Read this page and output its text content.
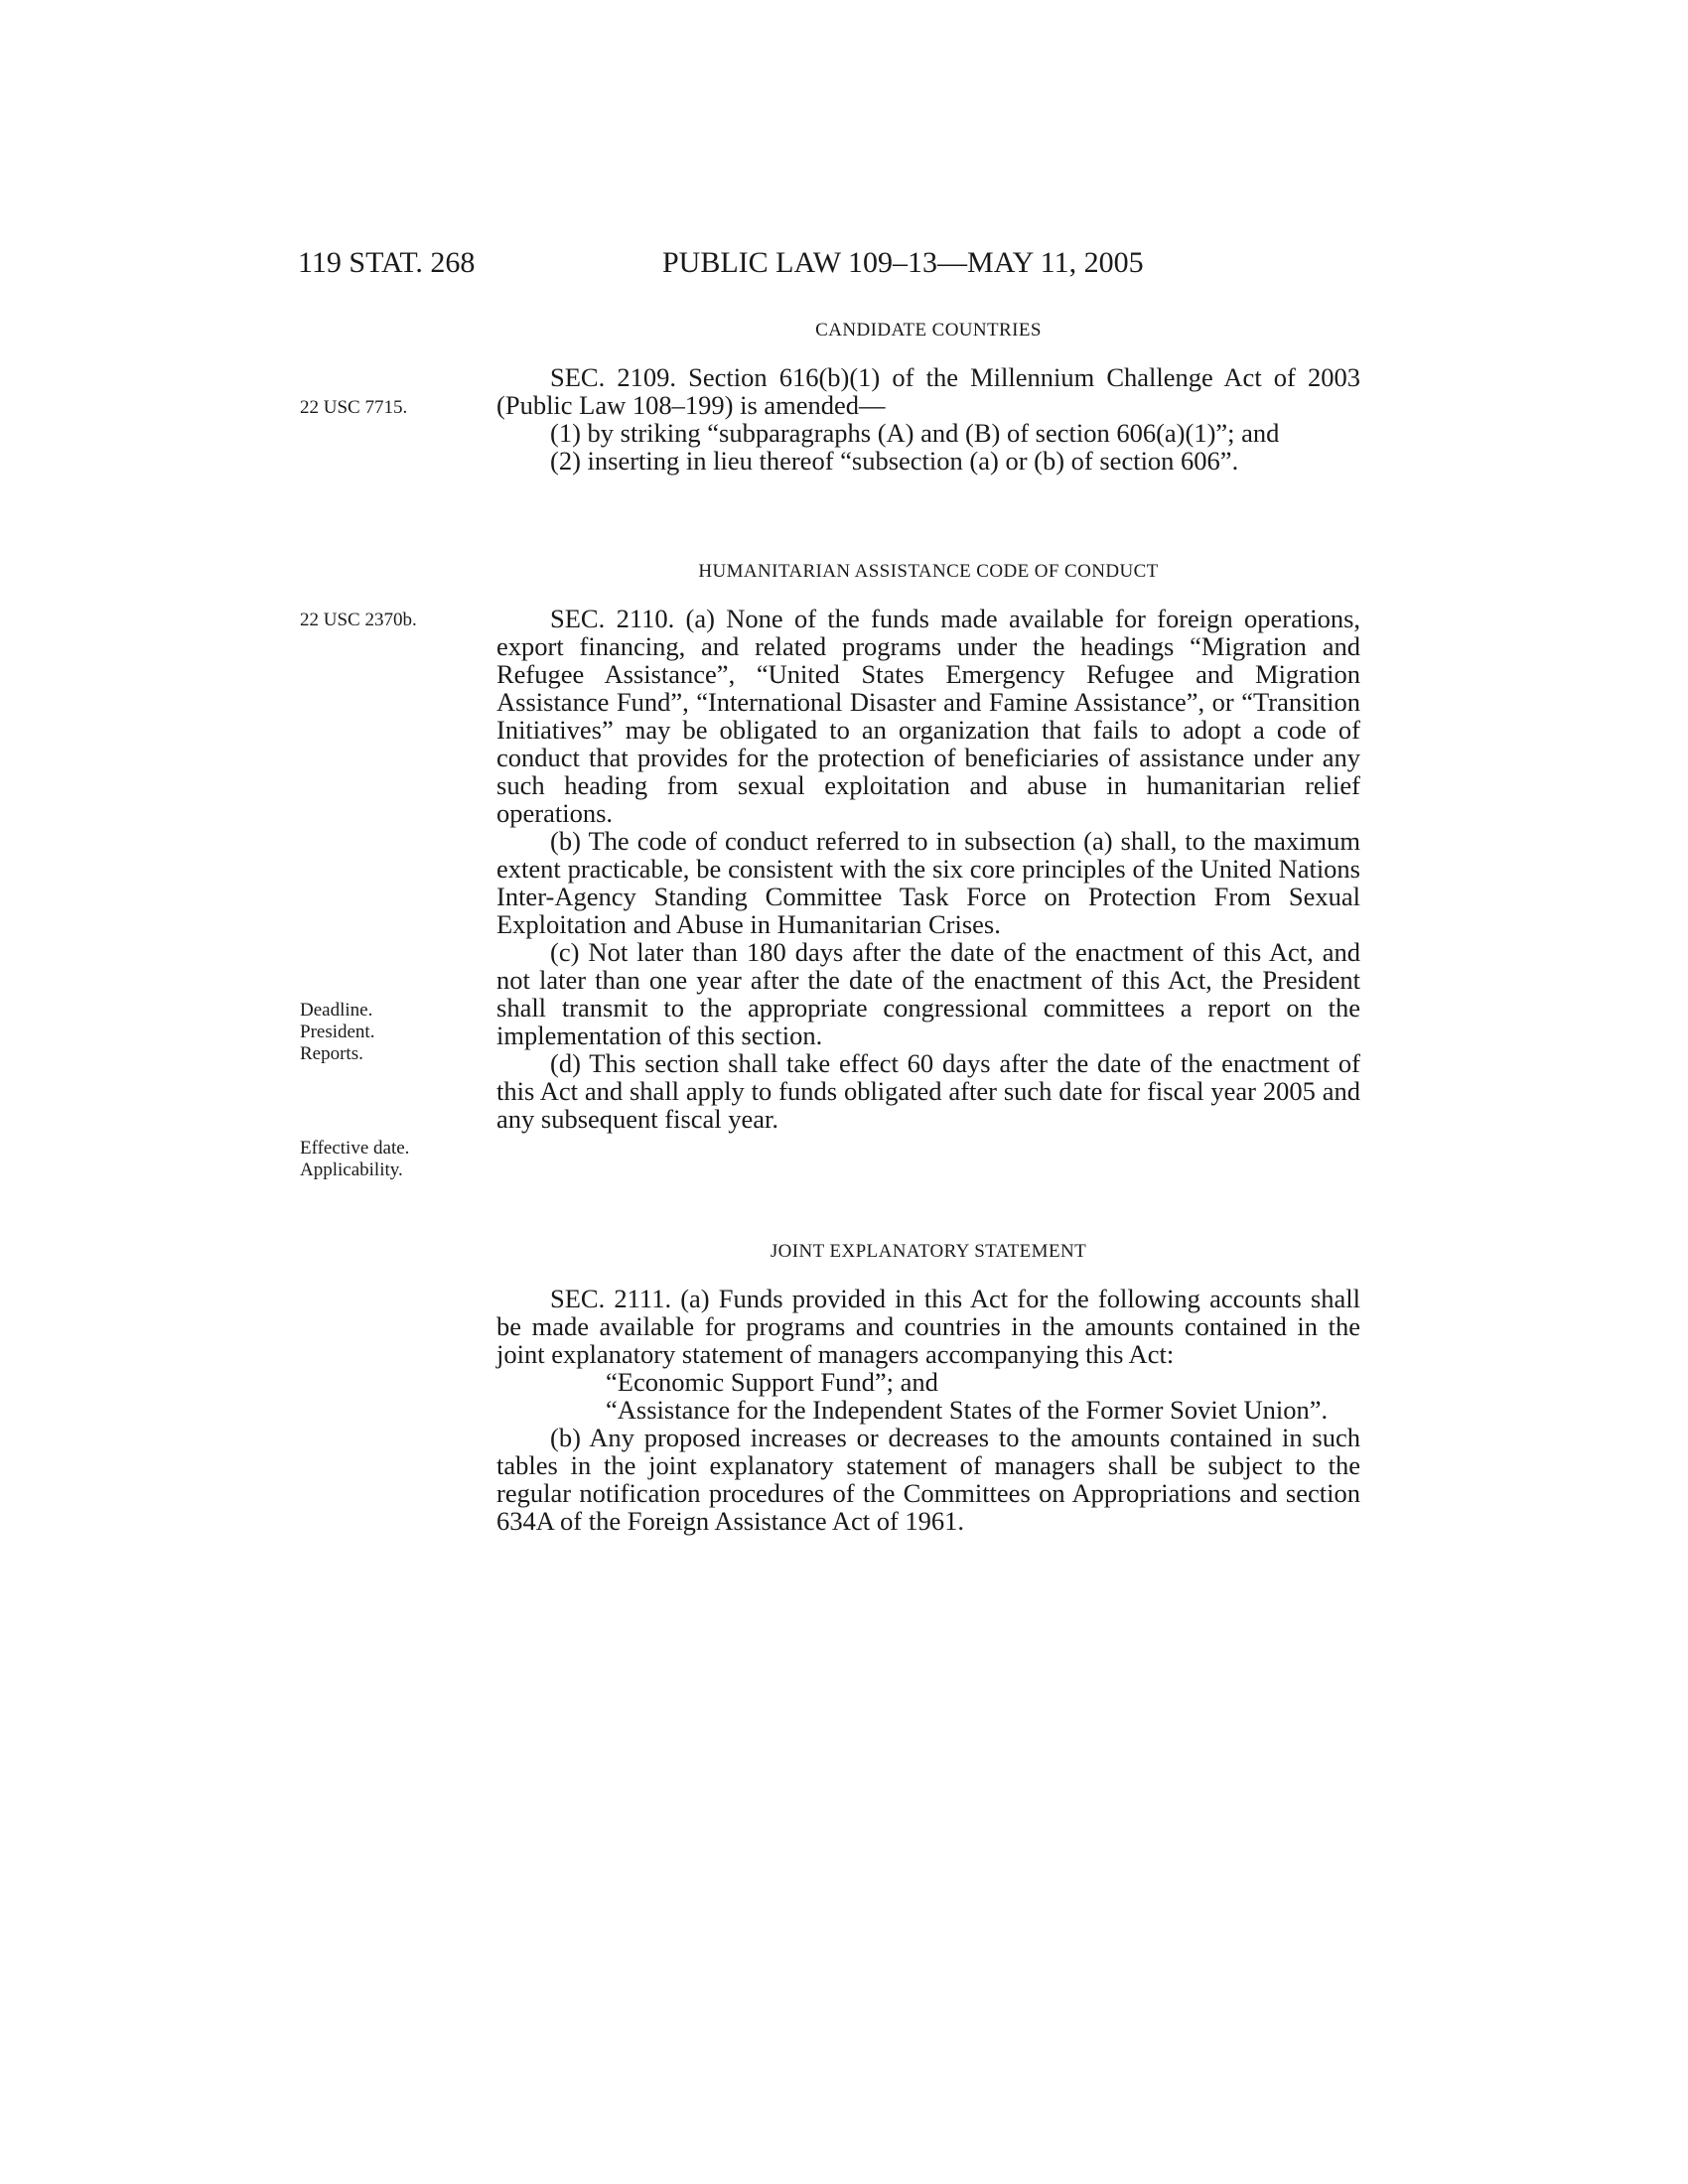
119 STAT. 268	PUBLIC LAW 109–13—MAY 11, 2005
CANDIDATE COUNTRIES
22 USC 7715.

SEC. 2109. Section 616(b)(1) of the Millennium Challenge Act of 2003 (Public Law 108–199) is amended—

(1) by striking “subparagraphs (A) and (B) of section 606(a)(1)”; and

(2) inserting in lieu thereof “subsection (a) or (b) of section 606”.

HUMANITARIAN ASSISTANCE CODE OF CONDUCT
22 USC 2370b.
Deadline.
President.
Reports.
Effective date.
Applicability.

SEC. 2110. (a) None of the funds made available for foreign operations, export financing, and related programs under the headings “Migration and Refugee Assistance”, “United States Emergency Refugee and Migration Assistance Fund”, “International Disaster and Famine Assistance”, or “Transition Initiatives” may be obligated to an organization that fails to adopt a code of conduct that provides for the protection of beneficiaries of assistance under any such heading from sexual exploitation and abuse in humanitarian relief operations.

(b) The code of conduct referred to in subsection (a) shall, to the maximum extent practicable, be consistent with the six core principles of the United Nations Inter-Agency Standing Committee Task Force on Protection From Sexual Exploitation and Abuse in Humanitarian Crises.

(c) Not later than 180 days after the date of the enactment of this Act, and not later than one year after the date of the enactment of this Act, the President shall transmit to the appropriate congressional committees a report on the implementation of this section.

(d) This section shall take effect 60 days after the date of the enactment of this Act and shall apply to funds obligated after such date for fiscal year 2005 and any subsequent fiscal year.

JOINT EXPLANATORY STATEMENT

SEC. 2111. (a) Funds provided in this Act for the following accounts shall be made available for programs and countries in the amounts contained in the joint explanatory statement of managers accompanying this Act:

“Economic Support Fund”; and

“Assistance for the Independent States of the Former Soviet Union”.

(b) Any proposed increases or decreases to the amounts contained in such tables in the joint explanatory statement of managers shall be subject to the regular notification procedures of the Committees on Appropriations and section 634A of the Foreign Assistance Act of 1961.
